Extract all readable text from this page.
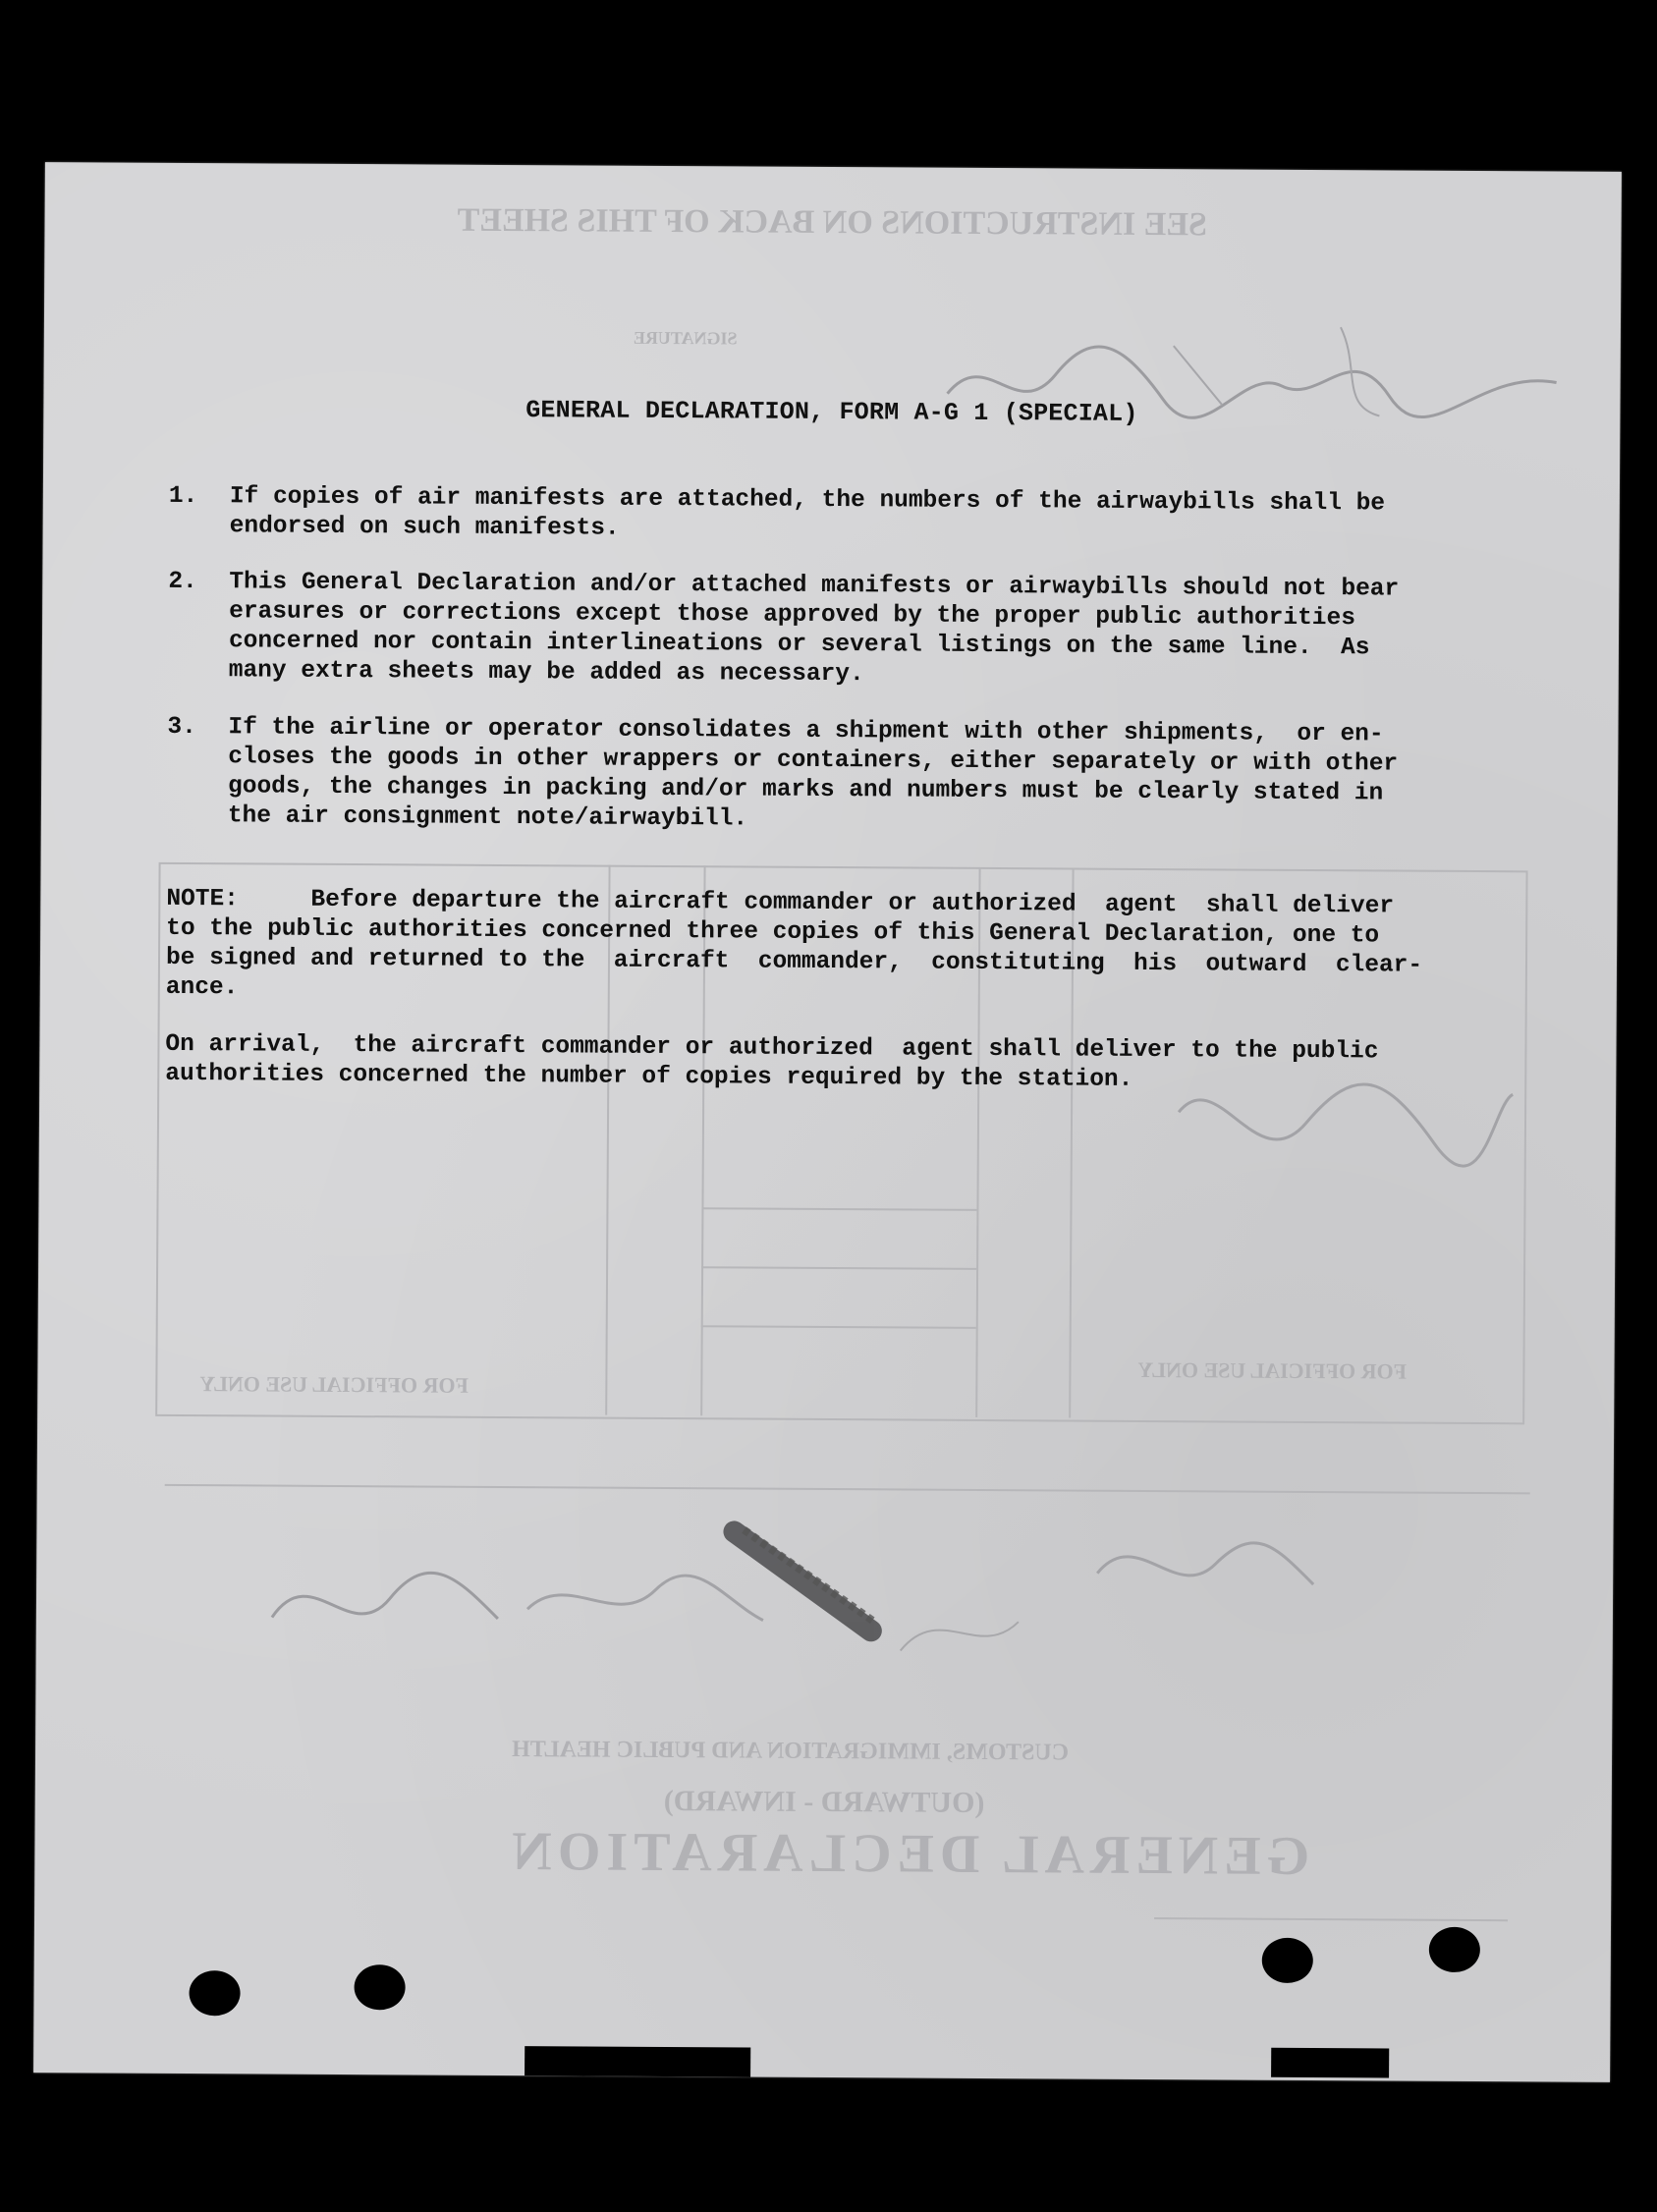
SEE INSTRUCTIONS ON BACK OF THIS SHEET
SIGNATURE
CUSTOMS, IMMIGRATION AND PUBLIC HEALTH
(OUTWARD - INWARD)
GENERAL DECLARATION
FOR OFFICIAL USE ONLY
FOR OFFICIAL USE ONLY
GENERAL DECLARATION, FORM A-G 1 (SPECIAL)
1. If copies of air manifests are attached, the numbers of the airwaybills shall be
endorsed on such manifests.
2. This General Declaration and/or attached manifests or airwaybills should not bear
erasures or corrections except those approved by the proper public authorities
concerned nor contain interlineations or several listings on the same line.  As
many extra sheets may be added as necessary.
3. If the airline or operator consolidates a shipment with other shipments,  or en-
closes the goods in other wrappers or containers, either separately or with other
goods, the changes in packing and/or marks and numbers must be clearly stated in
the air consignment note/airwaybill.
NOTE:     Before departure the aircraft commander or authorized  agent  shall deliver
to the public authorities concerned three copies of this General Declaration, one to
be signed and returned to the  aircraft  commander,  constituting  his  outward  clear-
ance.
On arrival,  the aircraft commander or authorized  agent shall deliver to the public
authorities concerned the number of copies required by the station.
